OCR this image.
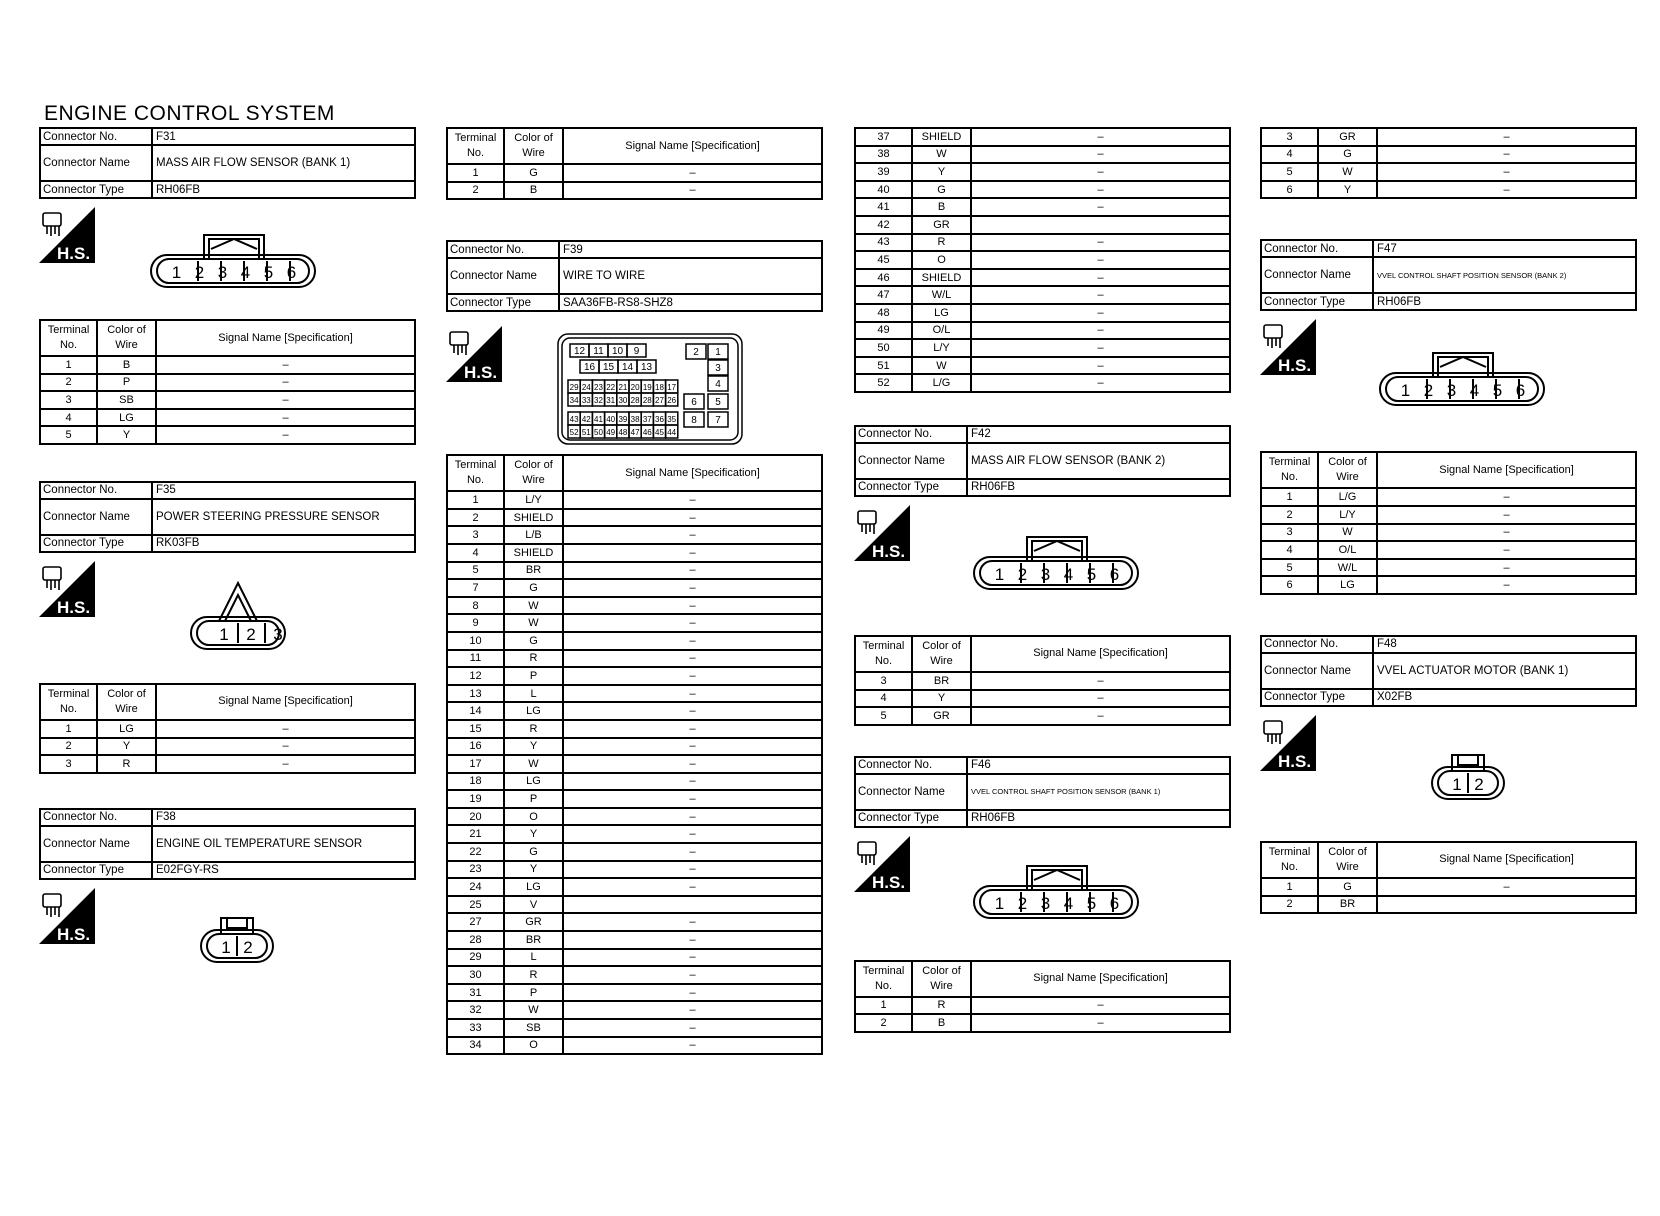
ENGINE CONTROL SYSTEM
Connector No.	F31
Connector Name	MASS AIR FLOW SENSOR (BANK 1)
Connector Type	RH06FB
H.S.
1 2 3 4 5 6
Terminal No.
Color of Wire
Signal Name [Specification]
1	B	–
2	P	–
3	SB	–
4	LG	–
5	Y	–
Connector No.	F35
Connector Name	POWER STEERING PRESSURE SENSOR
Connector Type	RK03FB
H.S.
1 2 3
Terminal No.
Color of Wire
Signal Name [Specification]
1	LG	–
2	Y	–
3	R	–
Connector No.	F38
Connector Name	ENGINE OIL TEMPERATURE SENSOR
Connector Type	E02FGY-RS
H.S.
1 2
Terminal No.
Color of Wire
Signal Name [Specification]
1	G	–
2	B	–
Connector No.	F39
Connector Name	WIRE TO WIRE
Connector Type	SAA36FB-RS8-SHZ8
H.S.
12 11 10 9
16 15 14 13
29 24 23 22 21 20 19 18 17
34 33 32 31 30 28 28 27 26
43 42 41 40 39 38 37 36 35
52 51 50 49 48 47 46 45 44
2 1
3
4
6 5
8 7
Terminal No.
Color of Wire
Signal Name [Specification]
1	L/Y	–
2	SHIELD	–
3	L/B	–
4	SHIELD	–
5	BR	–
7	G	–
8	W	–
9	W	–
10	G	–
11	R	–
12	P	–
13	L	–
14	LG	–
15	R	–
16	Y	–
17	W	–
18	LG	–
19	P	–
20	O	–
21	Y	–
22	G	–
23	Y	–
24	LG	–
25	V
27	GR	–
28	BR	–
29	L	–
30	R	–
31	P	–
32	W	–
33	SB	–
34	O	–
37	SHIELD	–
38	W	–
39	Y	–
40	G	–
41	B	–
42	GR
43	R	–
45	O	–
46	SHIELD	–
47	W/L	–
48	LG	–
49	O/L	–
50	L/Y	–
51	W	–
52	L/G	–
Connector No.	F42
Connector Name	MASS AIR FLOW SENSOR (BANK 2)
Connector Type	RH06FB
H.S.
1 2 3 4 5 6
Terminal No.
Color of Wire
Signal Name [Specification]
3	BR	–
4	Y	–
5	GR	–
Connector No.	F46
Connector Name	VVEL CONTROL SHAFT POSITION SENSOR (BANK 1)
Connector Type	RH06FB
H.S.
1 2 3 4 5 6
Terminal No.
Color of Wire
Signal Name [Specification]
1	R	–
2	B	–
3	GR	–
4	G	–
5	W	–
6	Y	–
Connector No.	F47
Connector Name	VVEL CONTROL SHAFT POSITION SENSOR (BANK 2)
Connector Type	RH06FB
H.S.
1 2 3 4 5 6
Terminal No.
Color of Wire
Signal Name [Specification]
1	L/G	–
2	L/Y	–
3	W	–
4	O/L	–
5	W/L	–
6	LG	–
Connector No.	F48
Connector Name	VVEL ACTUATOR MOTOR (BANK 1)
Connector Type	X02FB
H.S.
1 2
Terminal No.
Color of Wire
Signal Name [Specification]
1	G	–
2	BR
